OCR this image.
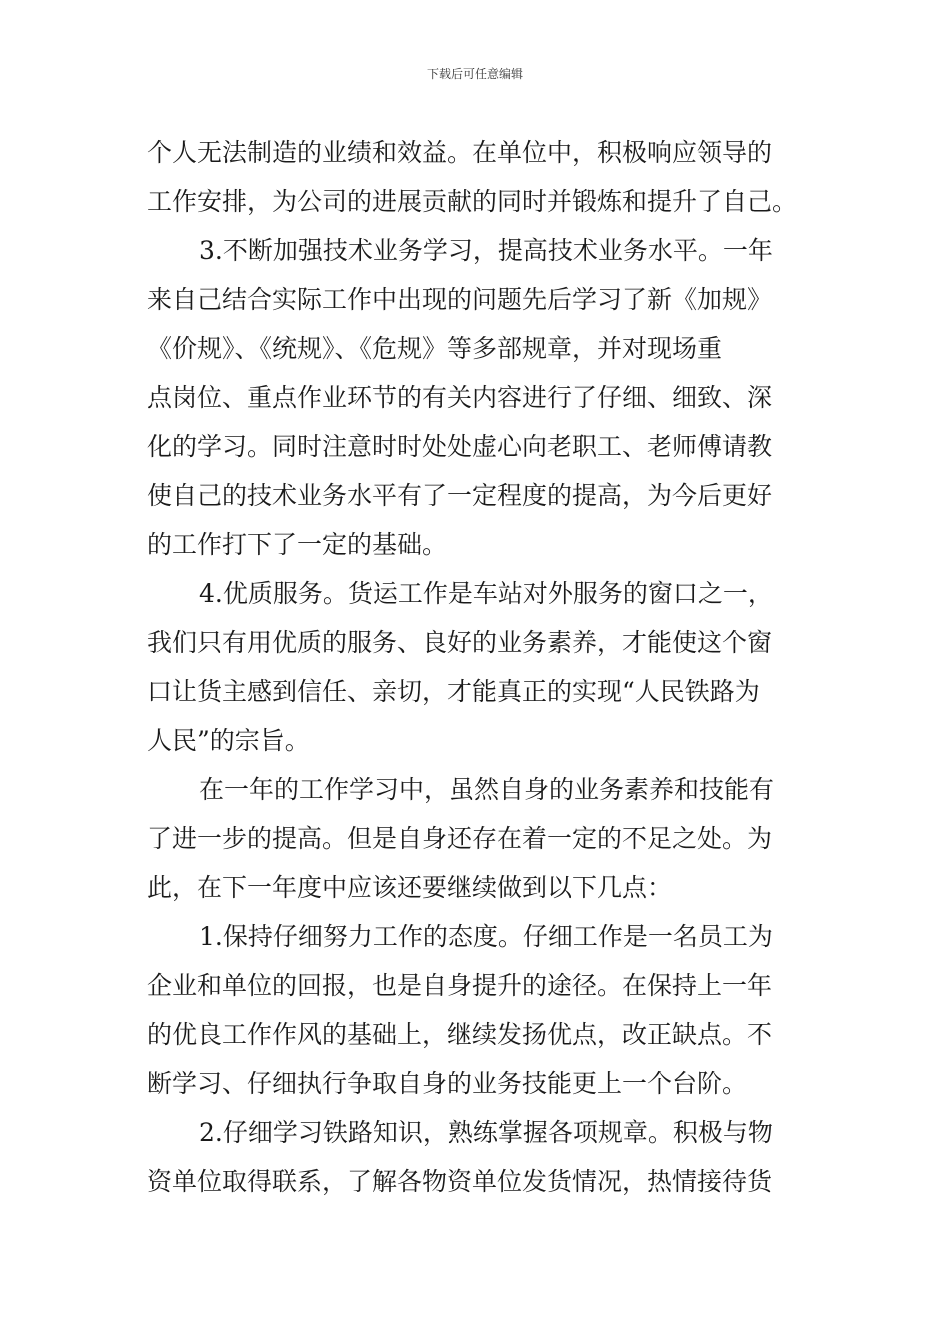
下载后可任意编辑
个人无法制造的业绩和效益。在单位中，积极响应领导的
工作安排，为公司的进展贡献的同时并锻炼和提升了自己。
3.不断加强技术业务学习，提高技术业务水平。一年
来自己结合实际工作中出现的问题先后学习了新《加规》
《价规》、《统规》、《危规》等多部规章，并对现场重
点岗位、重点作业环节的有关内容进行了仔细、细致、深
化的学习。同时注意时时处处虚心向老职工、老师傅请教
使自己的技术业务水平有了一定程度的提高，为今后更好
的工作打下了一定的基础。
4.优质服务。货运工作是车站对外服务的窗口之一，
我们只有用优质的服务、良好的业务素养，才能使这个窗
口让货主感到信任、亲切，才能真正的实现“人民铁路为
人民”的宗旨。
在一年的工作学习中，虽然自身的业务素养和技能有
了进一步的提高。但是自身还存在着一定的不足之处。为
此，在下一年度中应该还要继续做到以下几点：
1.保持仔细努力工作的态度。仔细工作是一名员工为
企业和单位的回报，也是自身提升的途径。在保持上一年
的优良工作作风的基础上，继续发扬优点，改正缺点。不
断学习、仔细执行争取自身的业务技能更上一个台阶。
2.仔细学习铁路知识，熟练掌握各项规章。积极与物
资单位取得联系，了解各物资单位发货情况，热情接待货
